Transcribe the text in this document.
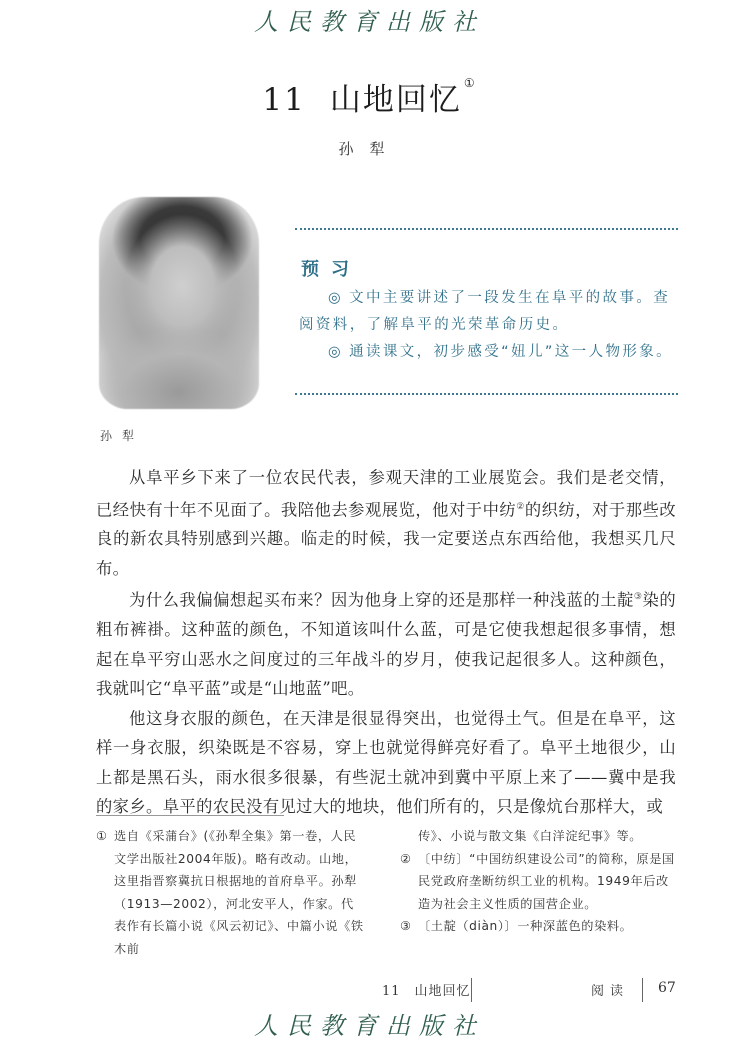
人民教育出版社
11 山地回忆 ①
孙犁
孙犁
预习

◎ 文中主要讲述了一段发生在阜平的故事。查阅资料，了解阜平的光荣革命历史。

◎ 通读课文，初步感受“妞儿”这一人物形象。

从阜平乡下来了一位农民代表，参观天津的工业展览会。我们是老交情，已经快有十年不见面了。我陪他去参观展览，他对于中纺②的织纺，对于那些改良的新农具特别感到兴趣。临走的时候，我一定要送点东西给他，我想买几尺布。

为什么我偏偏想起买布来？因为他身上穿的还是那样一种浅蓝的土靛③染的粗布裤褂。这种蓝的颜色，不知道该叫什么蓝，可是它使我想起很多事情，想起在阜平穷山恶水之间度过的三年战斗的岁月，使我记起很多人。这种颜色，我就叫它“阜平蓝”或是“山地蓝”吧。

他这身衣服的颜色，在天津是很显得突出，也觉得土气。但是在阜平，这样一身衣服，织染既是不容易，穿上也就觉得鲜亮好看了。阜平土地很少，山上都是黑石头，雨水很多很暴，有些泥土就冲到冀中平原上来了——冀中是我的家乡。阜平的农民没有见过大的地块，他们所有的，只是像炕台那样大，或

① 选自《采蒲台》(《孙犁全集》第一卷，人民文学出版社2004年版)。略有改动。山地，这里指晋察冀抗日根据地的首府阜平。孙犁（1913—2002），河北安平人，作家。代表作有长篇小说《风云初记》、中篇小说《铁木前
传》、小说与散文集《白洋淀纪事》等。
② 〔中纺〕“中国纺织建设公司”的简称，原是国民党政府垄断纺织工业的机构。1949年后改造为社会主义性质的国营企业。
③ 〔土靛（diàn）〕一种深蓝色的染料。
11　山地回忆	阅读 67
人民教育出版社
